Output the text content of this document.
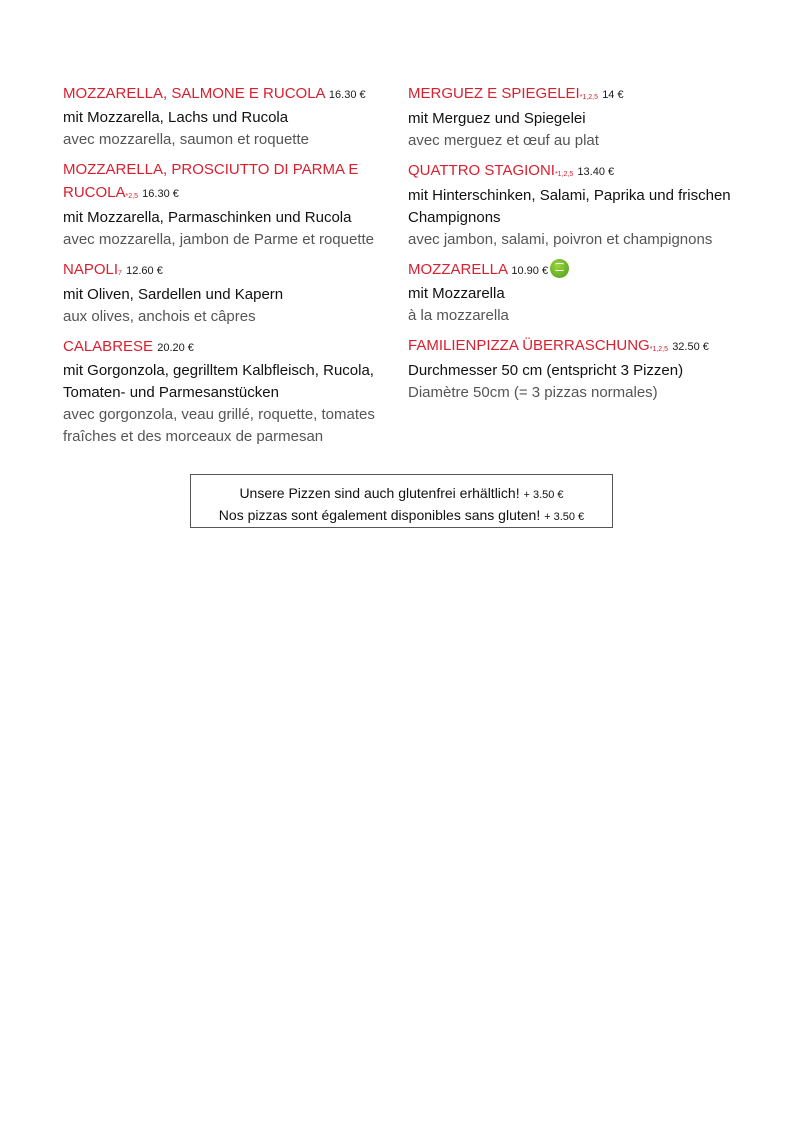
MOZZARELLA, SALMONE E RUCOLA 16.30 €
mit Mozzarella, Lachs und Rucola
avec mozzarella, saumon et roquette
MOZZARELLA, PROSCIUTTO DI PARMA E RUCOLA*2,5 16.30 €
mit Mozzarella, Parmaschinken und Rucola
avec mozzarella, jambon de Parme et roquette
NAPOLI7 12.60 €
mit Oliven, Sardellen und Kapern
aux olives, anchois et câpres
CALABRESE 20.20 €
mit Gorgonzola, gegrilltem Kalbfleisch, Rucola, Tomaten- und Parmesanstücken
avec gorgonzola, veau grillé, roquette, tomates fraîches et des morceaux de parmesan
MERGUEZ E SPIEGELEI*1,2,5 14 €
mit Merguez und Spiegelei
avec merguez et œuf au plat
QUATTRO STAGIONI*1,2,5 13.40 €
mit Hinterschinken, Salami, Paprika und frischen Champignons
avec jambon, salami, poivron et champignons
MOZZARELLA 10.90 €
mit Mozzarella
à la mozzarella
FAMILIENPIZZA ÜBERRASCHUNG*1,2,5 32.50 €
Durchmesser 50 cm (entspricht 3 Pizzen)
Diamètre 50cm (= 3 pizzas normales)
Unsere Pizzen sind auch glutenfrei erhältlich! + 3.50 €
Nos pizzas sont également disponibles sans gluten! + 3.50 €
